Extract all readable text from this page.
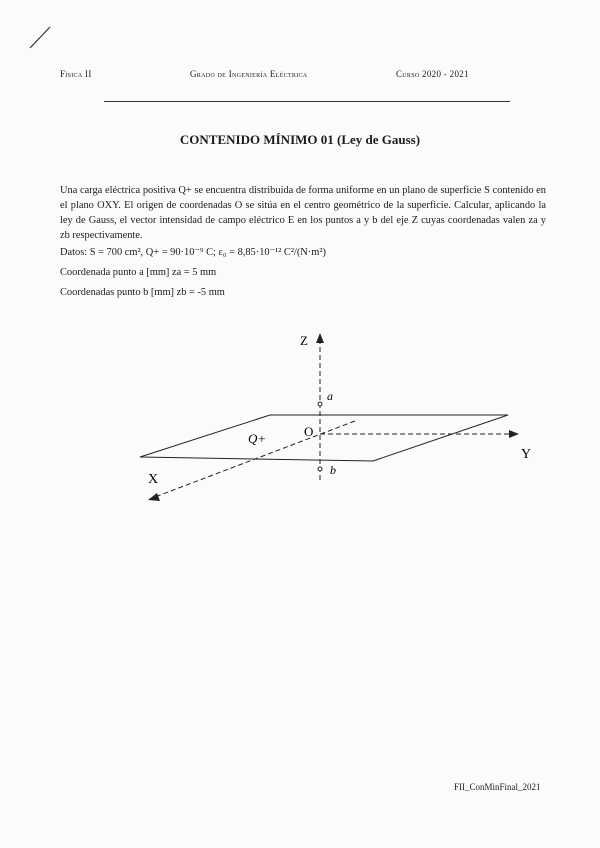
Física II	Grado de Ingeniería Eléctrica	Curso 2020 - 2021
CONTENIDO MÍNIMO 01 (Ley de Gauss)
Una carga eléctrica positiva Q+ se encuentra distribuida de forma uniforme en un plano de superficie S contenido en el plano OXY. El origen de coordenadas O se sitúa en el centro geométrico de la superficie. Calcular, aplicando la ley de Gauss, el vector intensidad de campo eléctrico E en los puntos a y b del eje Z cuyas coordenadas valen za y zb respectivamente.
Datos: S = 700 cm², Q+ = 90·10⁻⁹ C; ε₀ = 8,85·10⁻¹² C²/(N·m²)
Coordenada punto a [mm] za = 5 mm
Coordenadas punto b [mm] zb = -5 mm
Z
Y
X
O
Q+
a
b
FII_ConMinFinal_2021
